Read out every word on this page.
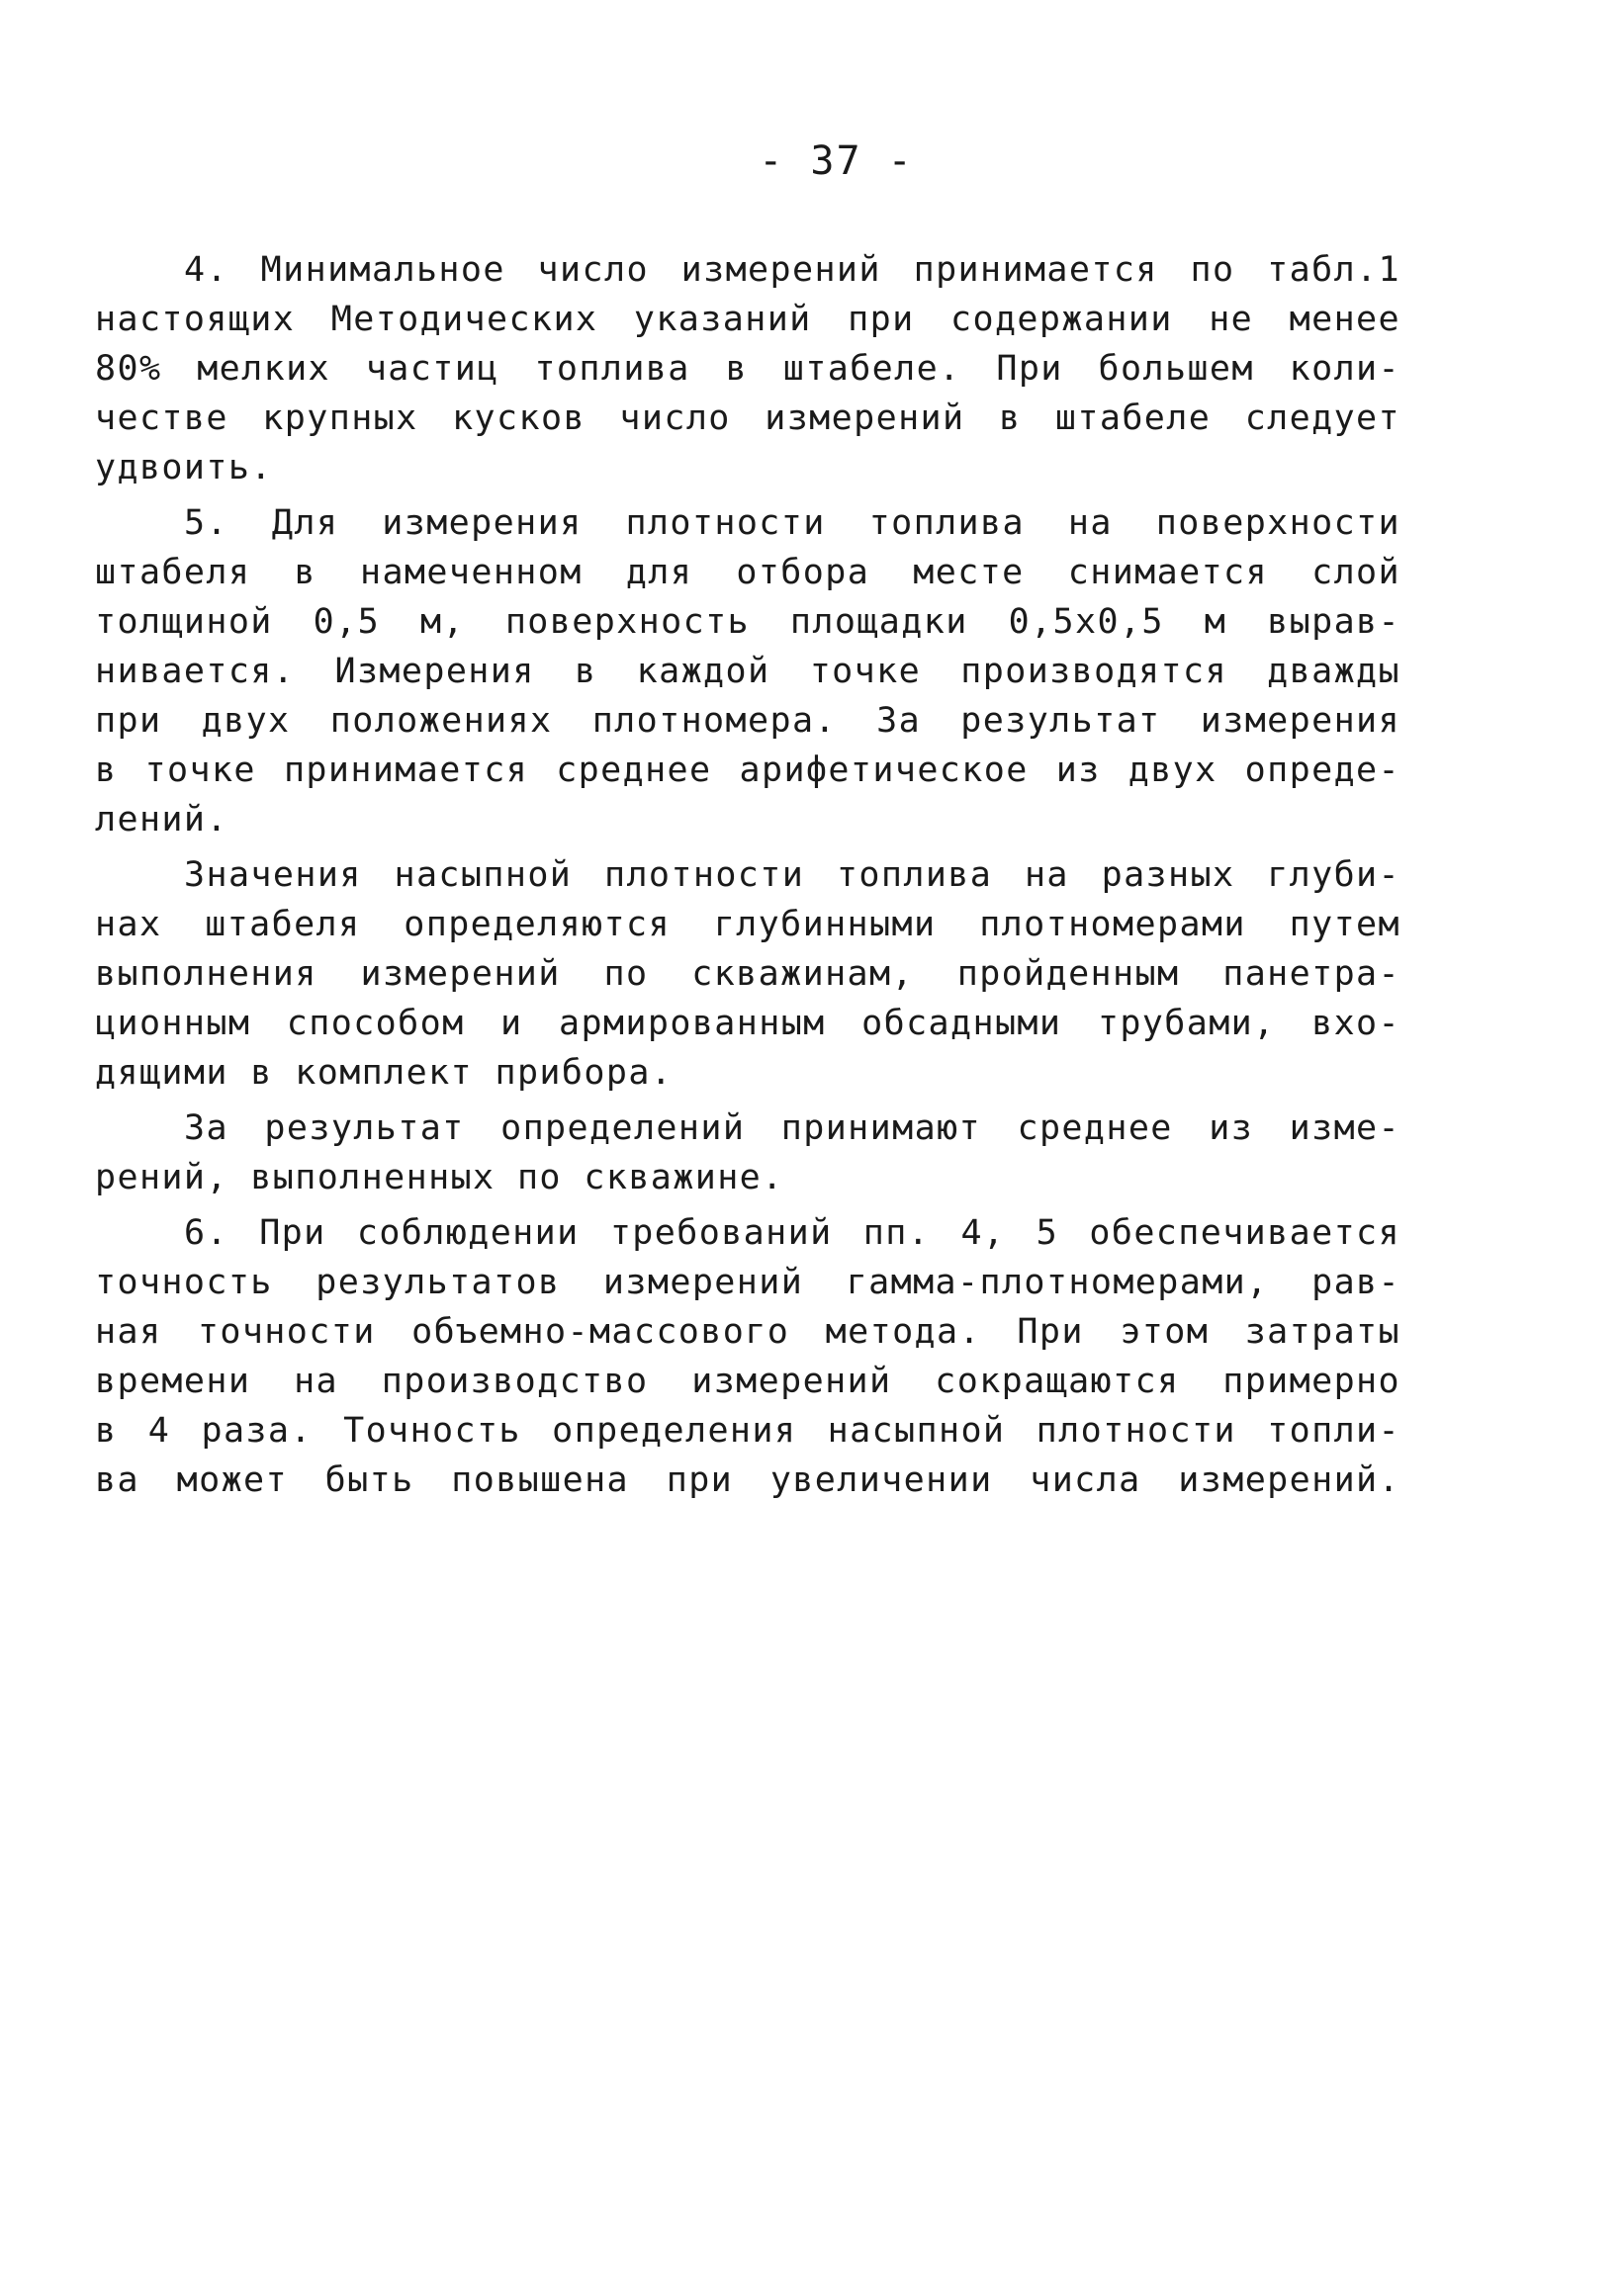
- 37 -
4. Минимальное число измерений принимается по табл.1
настоящих Методических указаний при содержании не менее
80% мелких частиц топлива в штабеле. При большем коли-
честве крупных кусков число измерений в штабеле следует
удвоить.
5. Для измерения плотности топлива на поверхности
штабеля в намеченном для отбора месте снимается слой
толщиной 0,5 м, поверхность площадки 0,5х0,5 м вырав-
нивается. Измерения в каждой точке производятся дважды
при двух положениях плотномера. За результат измерения
в точке принимается среднее арифетическое из двух опреде-
лений.
Значения насыпной плотности топлива на разных глуби-
нах штабеля определяются глубинными плотномерами путем
выполнения измерений по скважинам, пройденным панетра-
ционным способом и армированным обсадными трубами, вхо-
дящими в комплект прибора.
За результат определений принимают среднее из изме-
рений, выполненных по скважине.
6. При соблюдении требований пп. 4, 5 обеспечивается
точность результатов измерений гамма-плотномерами, рав-
ная точности объемно-массового метода. При этом затраты
времени на производство измерений сокращаются примерно
в 4 раза. Точность определения насыпной плотности топли-
ва может быть повышена при увеличении числа измерений.
